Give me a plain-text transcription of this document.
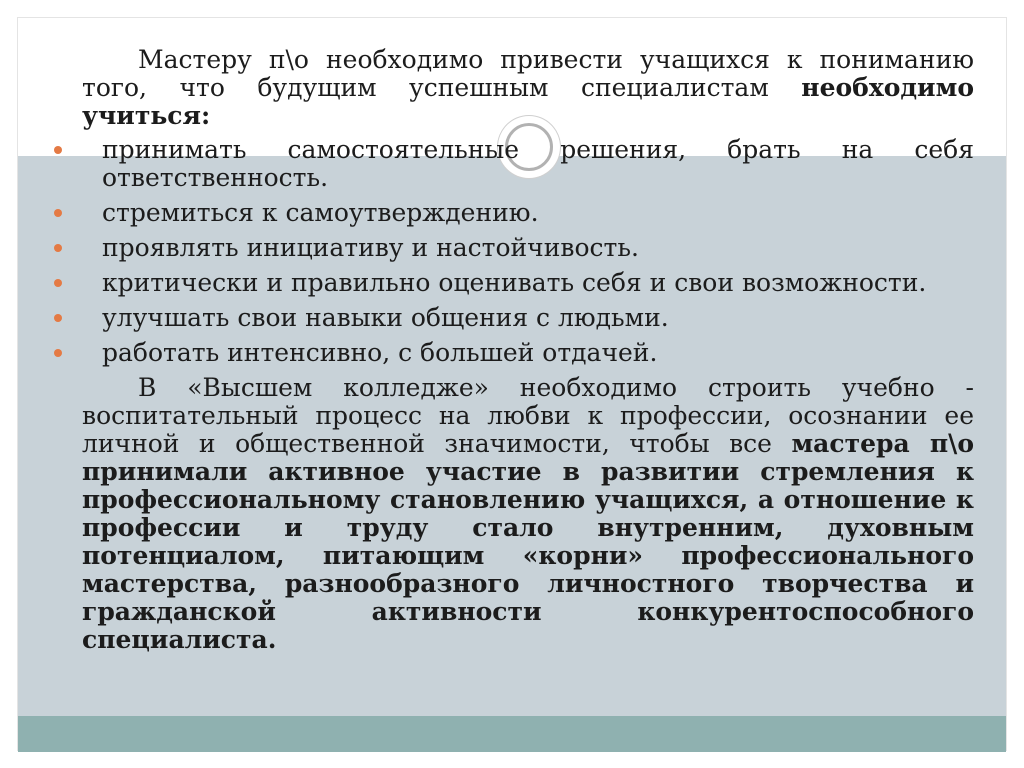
Мастеру п\о необходимо привести учащихся к пониманию того, что будущим успешным специалистам необходимо учиться:

принимать самостоятельные решения, брать на себя ответственность.
стремиться к самоутверждению.
проявлять инициативу и настойчивость.
критически и правильно оценивать себя и свои возможности.
улучшать свои навыки общения с людьми.
работать интенсивно, с большей отдачей.

В «Высшем колледже» необходимо строить учебно - воспитательный процесс на любви к профессии, осознании ее личной и общественной значимости, чтобы все мастера п\о принимали активное участие в развитии стремления к профессиональному становлению учащихся, а отношение к профессии и труду стало внутренним, духовным потенциалом, питающим «корни» профессионального мастерства, разнообразного личностного творчества и гражданской активности конкурентоспособного специалиста.
